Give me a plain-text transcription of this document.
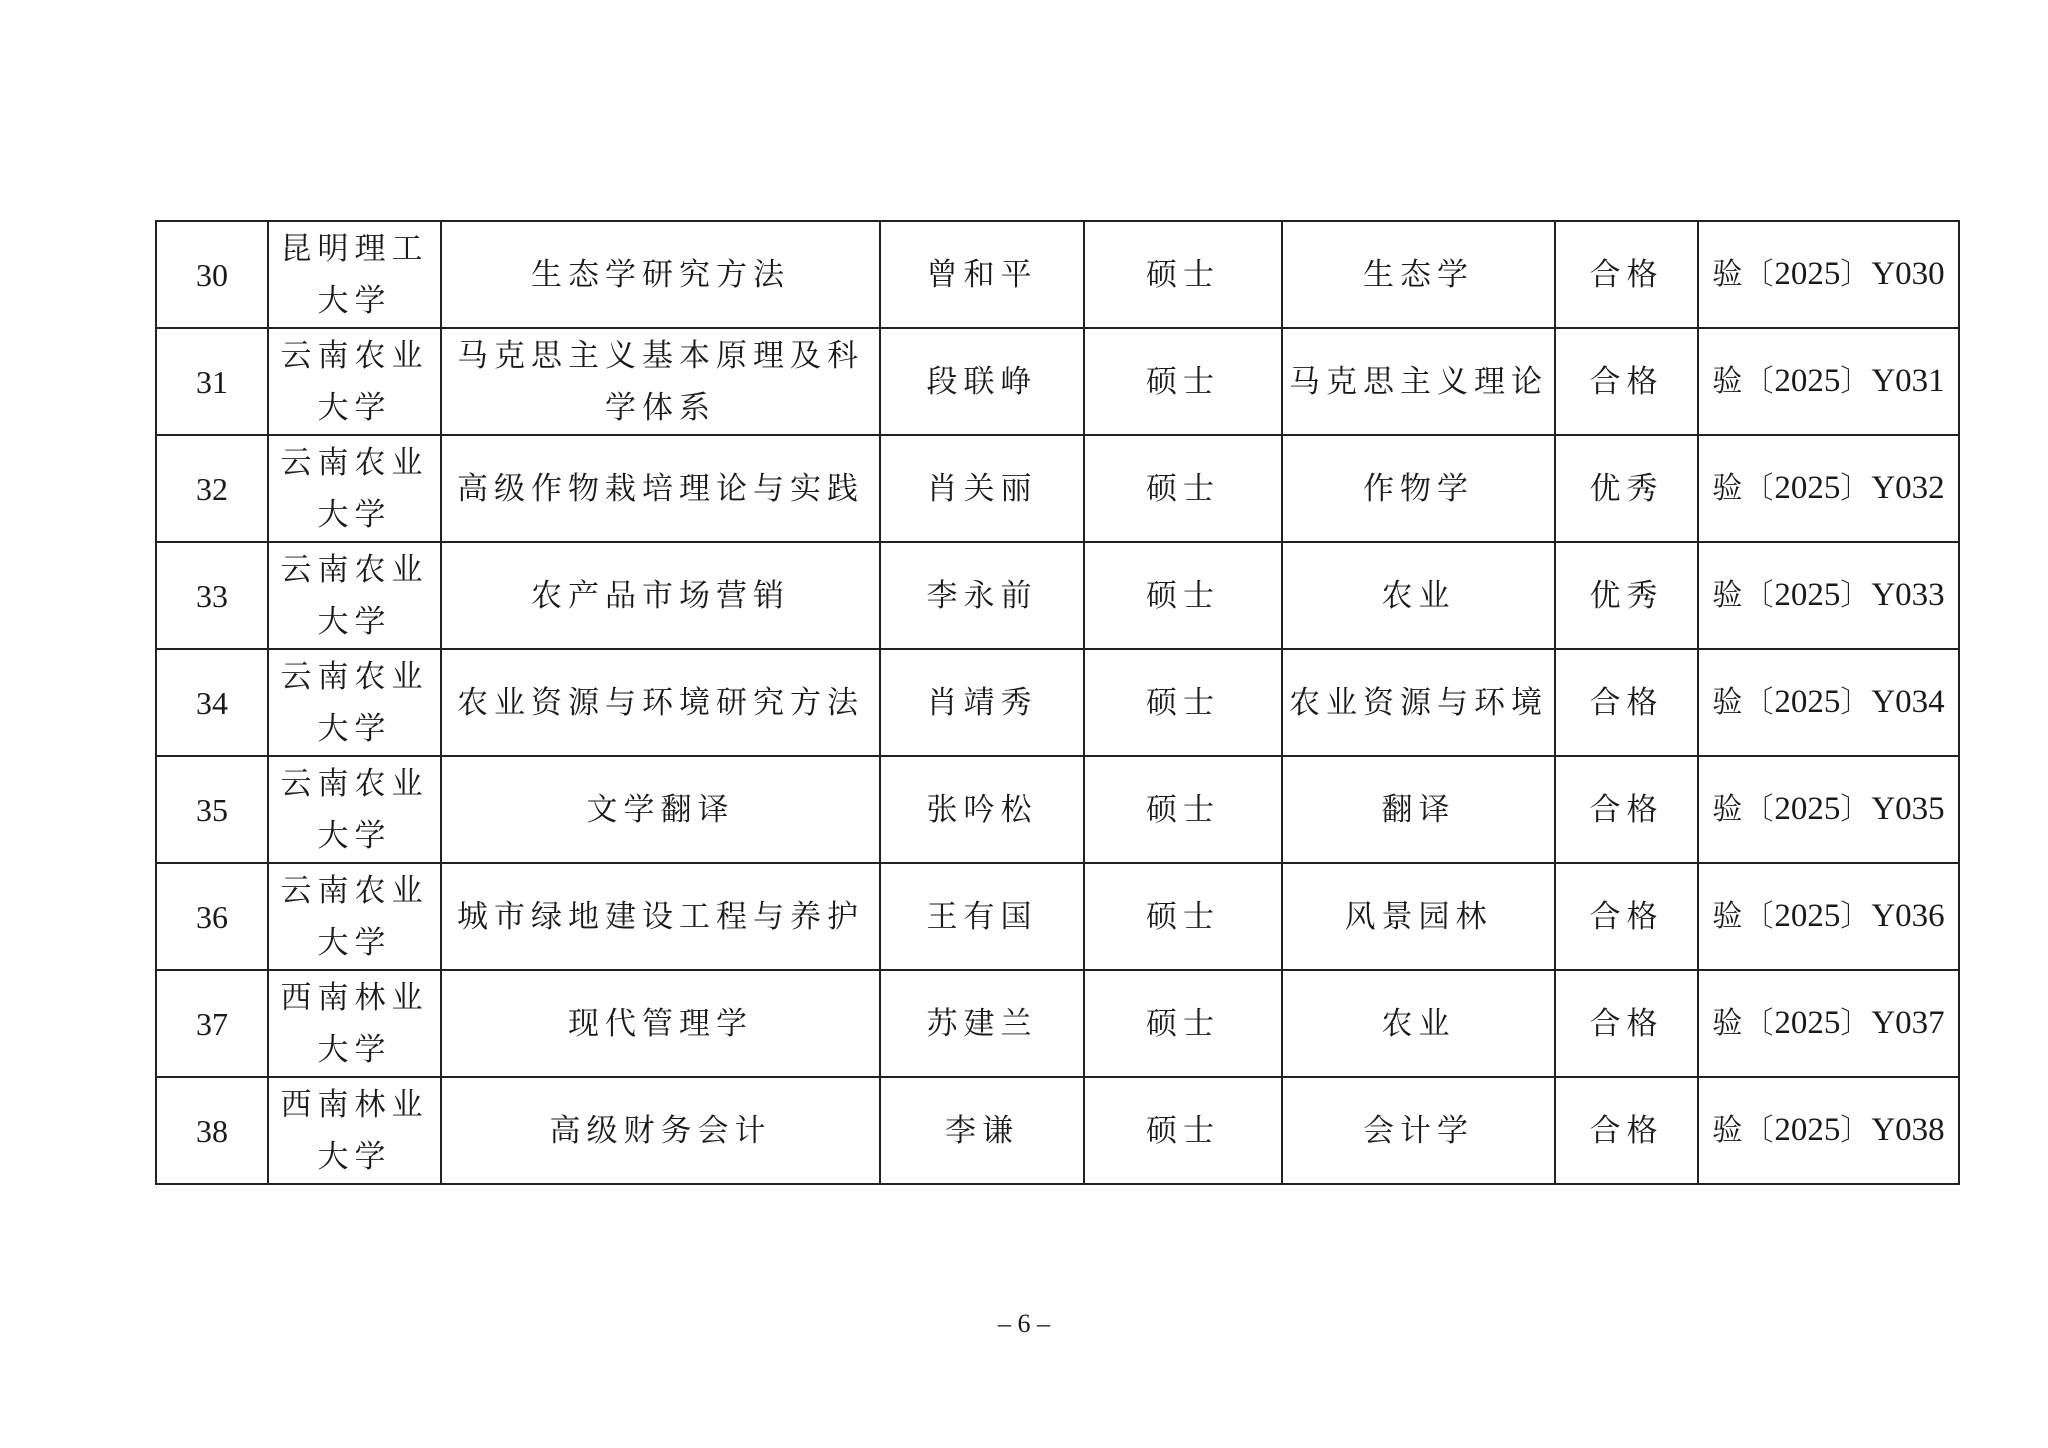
30	昆明理工大学	生态学研究方法	曾和平	硕士	生态学	合格	验〔2025〕Y030
31	云南农业大学	马克思主义基本原理及科学体系	段联峥	硕士	马克思主义理论	合格	验〔2025〕Y031
32	云南农业大学	高级作物栽培理论与实践	肖关丽	硕士	作物学	优秀	验〔2025〕Y032
33	云南农业大学	农产品市场营销	李永前	硕士	农业	优秀	验〔2025〕Y033
34	云南农业大学	农业资源与环境研究方法	肖靖秀	硕士	农业资源与环境	合格	验〔2025〕Y034
35	云南农业大学	文学翻译	张吟松	硕士	翻译	合格	验〔2025〕Y035
36	云南农业大学	城市绿地建设工程与养护	王有国	硕士	风景园林	合格	验〔2025〕Y036
37	西南林业大学	现代管理学	苏建兰	硕士	农业	合格	验〔2025〕Y037
38	西南林业大学	高级财务会计	李谦	硕士	会计学	合格	验〔2025〕Y038
– 6 –
